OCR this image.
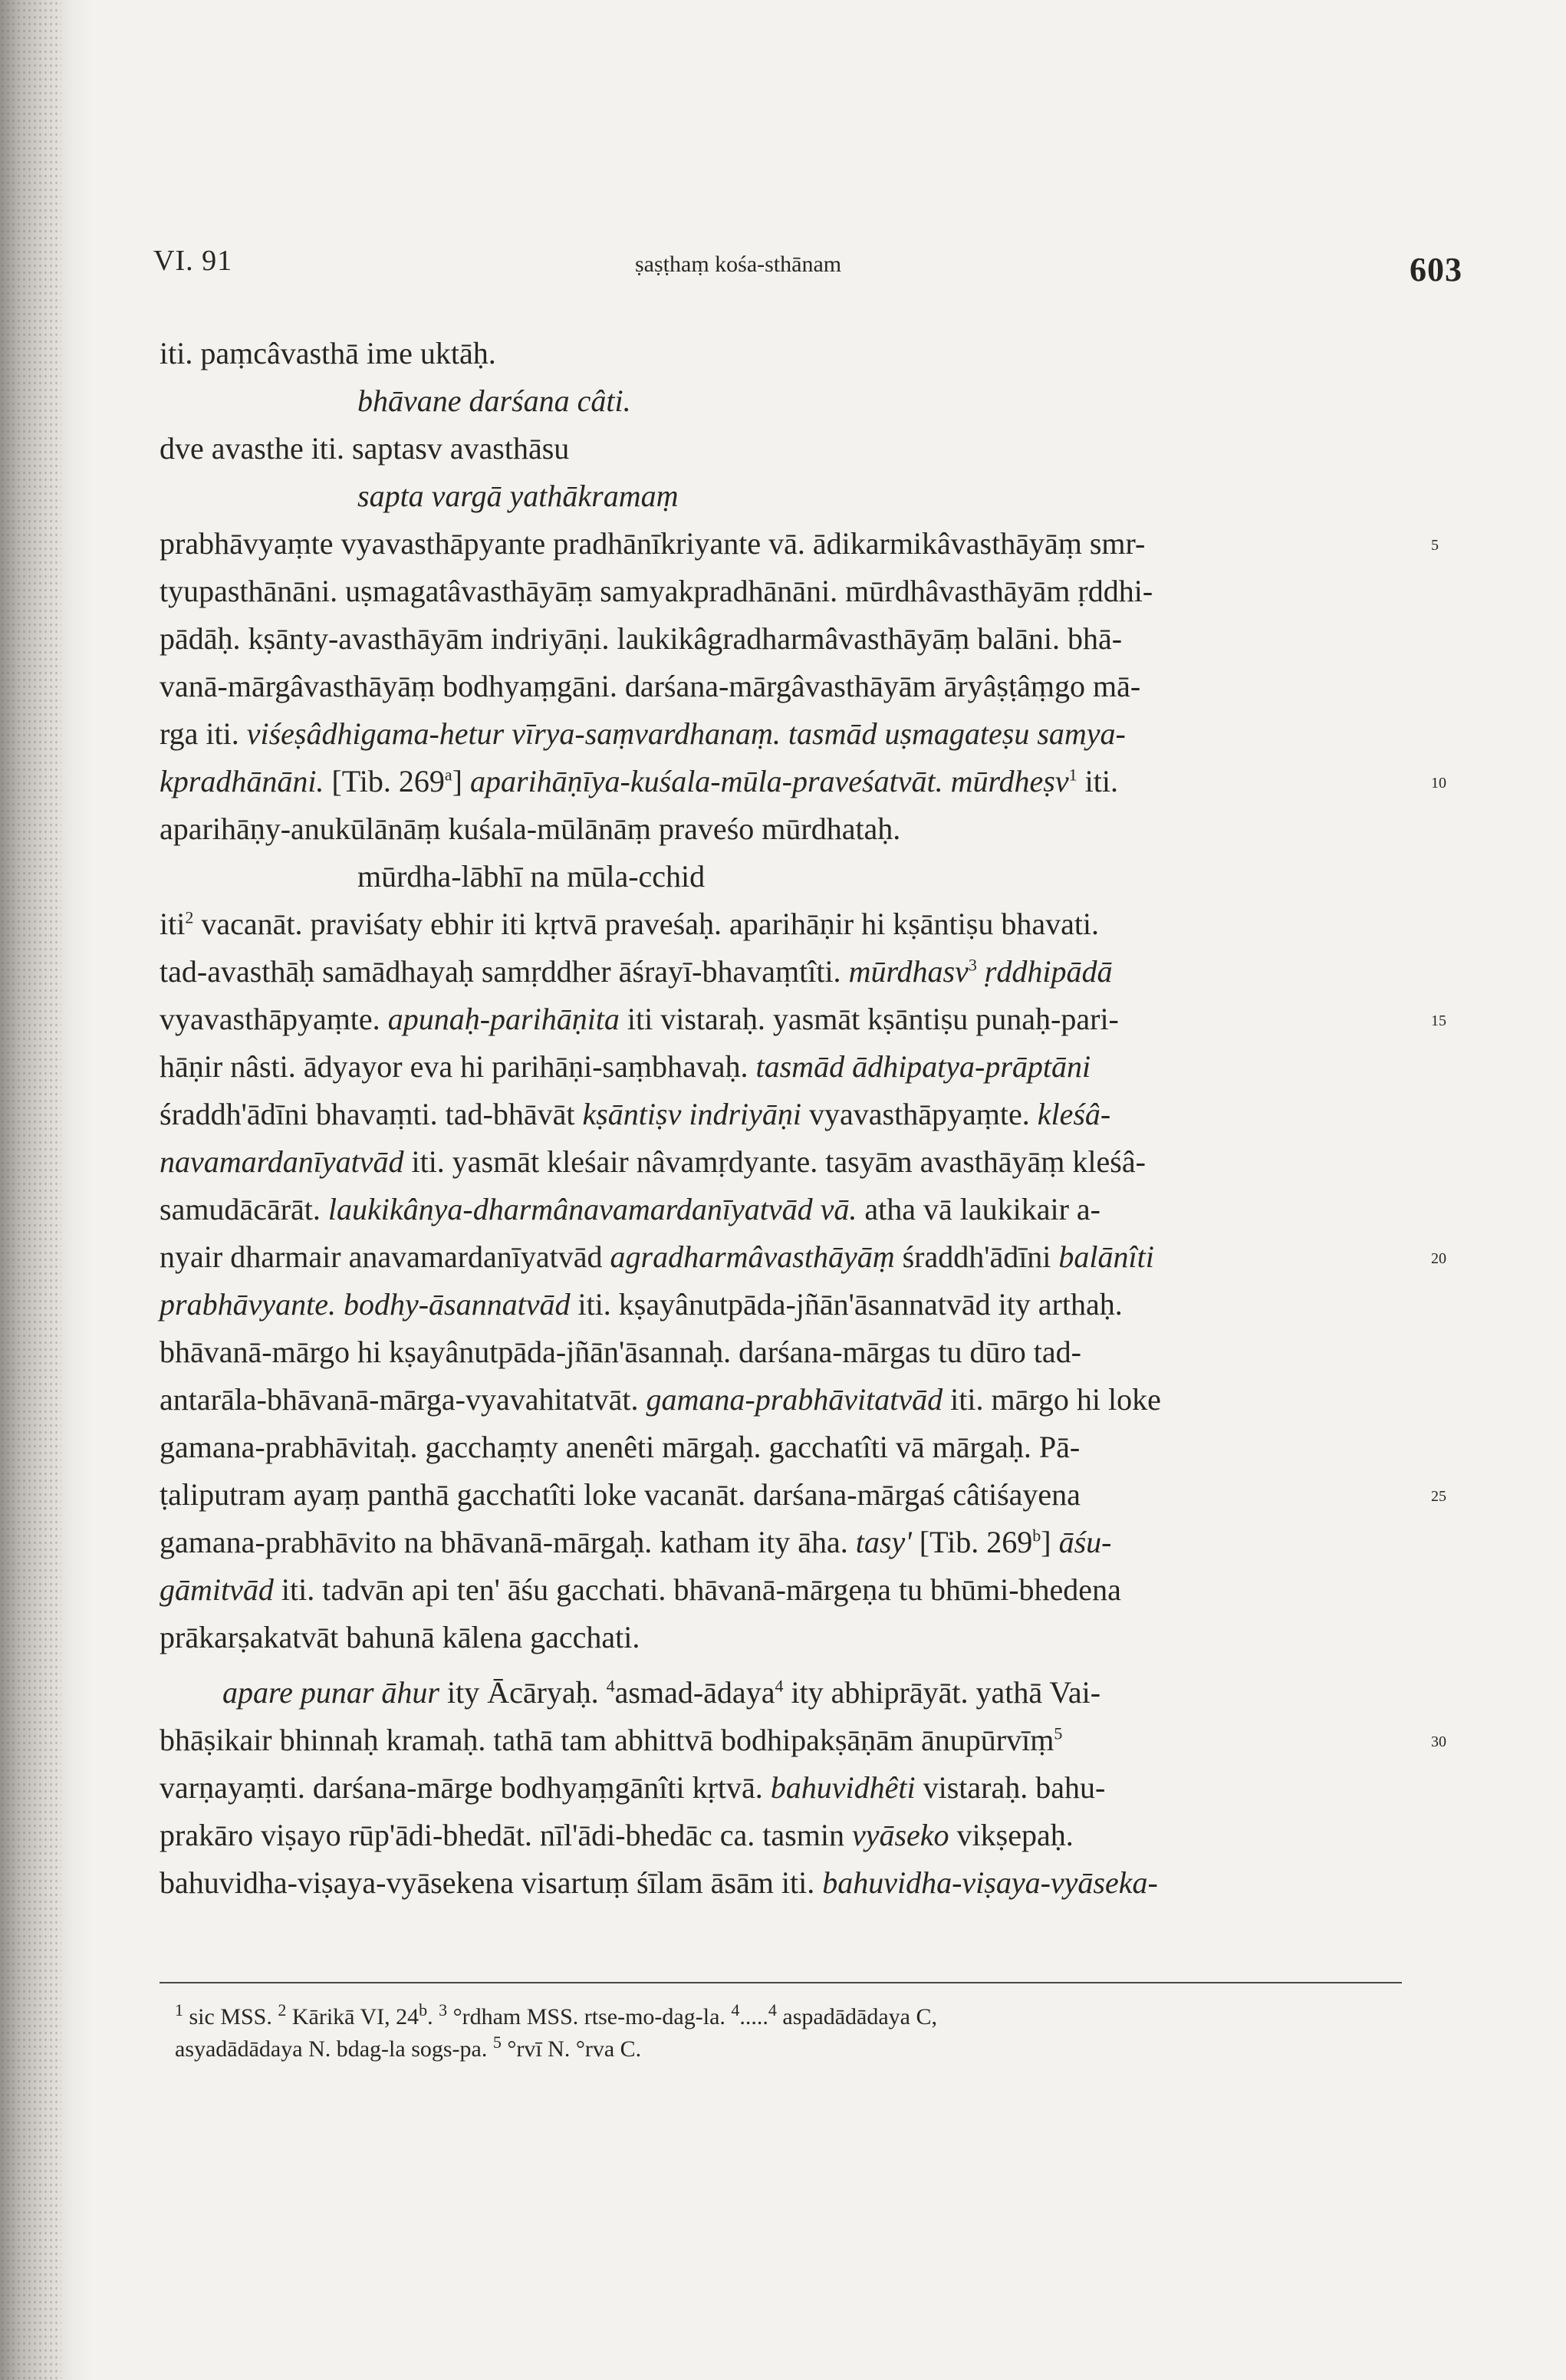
VI. 91	ṣaṣṭhaṃ kośa-sthānam	603
iti. paṃcâvasthā ime uktāḥ.
bhāvane darśana câti.
dve avasthe iti. saptasv avasthāsu
sapta vargā yathākramaṃ
prabhāvyaṃte vyavasthāpyante pradhānīkriyante vā. ādikarmikâvasthāyāṃ smr-
tyupasthānāni. uṣmagatâvasthāyāṃ samyakpradhānāni. mūrdhâvasthāyām ṛddhi-
pādāḥ. kṣānty-avasthāyām indriyāṇi. laukikâgradharmâvasthāyāṃ balāni. bhā-
vanā-mārgâvasthāyāṃ bodhyaṃgāni. darśana-mārgâvasthāyām āryâṣṭâṃgo mā-
rga iti. viśeṣâdhigama-hetur vīrya-saṃvardhanaṃ. tasmād uṣmagateṣu samya-
kpradhānāni. [Tib. 269$^a$] aparihāṇīya-kuśala-mūla-praveśatvāt. mūrdheṣv$^1$ iti.
aparihāṇy-anukūlānāṃ kuśala-mūlānāṃ praveśo mūrdhataḥ.
mūrdha-lābhī na mūla-cchid
iti$^2$ vacanāt. praviśaty ebhir iti kṛtvā praveśaḥ. aparihāṇir hi kṣāntiṣu bhavati.
tad-avasthāḥ samādhayaḥ samṛddher āśrayī-bhavaṃtîti. mūrdhasv$^3$ ṛddhipādā
vyavasthāpyaṃte. apunaḥ-parihāṇita iti vistaraḥ. yasmāt kṣāntiṣu punaḥ-pari-
hāṇir nâsti. ādyayor eva hi parihāṇi-saṃbhavaḥ. tasmād ādhipatya-prāptāni
śraddh'ādīni bhavaṃti. tad-bhāvāt kṣāntiṣv indriyāṇi vyavasthāpyaṃte. kleśâ-
navamardanīyatvād iti. yasmāt kleśair nâvamṛdyante. tasyām avasthāyāṃ kleśâ-
samudācārāt. laukikânya-dharmânavamardanīyatvād vā. atha vā laukikair a-
nyair dharmair anavamardanīyatvād agradharmâvasthāyāṃ śraddh'ādīni balānîti
prabhāvyante. bodhy-āsannatvād iti. kṣayânutpāda-jñān'āsannatvād ity arthaḥ.
bhāvanā-mārgo hi kṣayânutpāda-jñān'āsannaḥ. darśana-mārgas tu dūro tad-
antarāla-bhāvanā-mārga-vyavahitatvāt. gamana-prabhāvitatvād iti. mārgo hi loke
gamana-prabhāvitaḥ. gacchaṃty anenêti mārgaḥ. gacchatîti vā mārgaḥ. Pā-
ṭaliputram ayaṃ panthā gacchatîti loke vacanāt. darśana-mārgaś câtiśayena
gamana-prabhāvito na bhāvanā-mārgaḥ. katham ity āha. tasy' [Tib. 269$^b$] āśu-
gāmitvād iti. tadvān api ten' āśu gacchati. bhāvanā-mārgeṇa tu bhūmi-bhedena
prākarṣakatvāt bahunā kālena gacchati.
apare punar āhur ity Ācāryaḥ. $^4$asmad-ādaya$^4$ ity abhiprāyāt. yathā Vai-
bhāṣikair bhinnaḥ kramaḥ. tathā tam abhittvā bodhipakṣāṇām ānupūrvīṃ$^5$
varṇayaṃti. darśana-mārge bodhyaṃgānîti kṛtvā. bahuvidhêti vistaraḥ. bahu-
prakāro viṣayo rūp'ādi-bhedāt. nīl'ādi-bhedāc ca. tasmin vyāseko vikṣepaḥ.
bahuvidha-viṣaya-vyāsekena visartuṃ śīlam āsām iti. bahuvidha-viṣaya-vyāseka-
5
10
15
20
25
30
$^1$ sic MSS. $^2$ Kārikā VI, 24$^b$. $^3$ °rdham MSS. rtse-mo-dag-la. $^4$.....$^4$ aspadādādaya C,
asyadādādaya N. bdag-la sogs-pa. $^5$ °rvī N. °rva C.
